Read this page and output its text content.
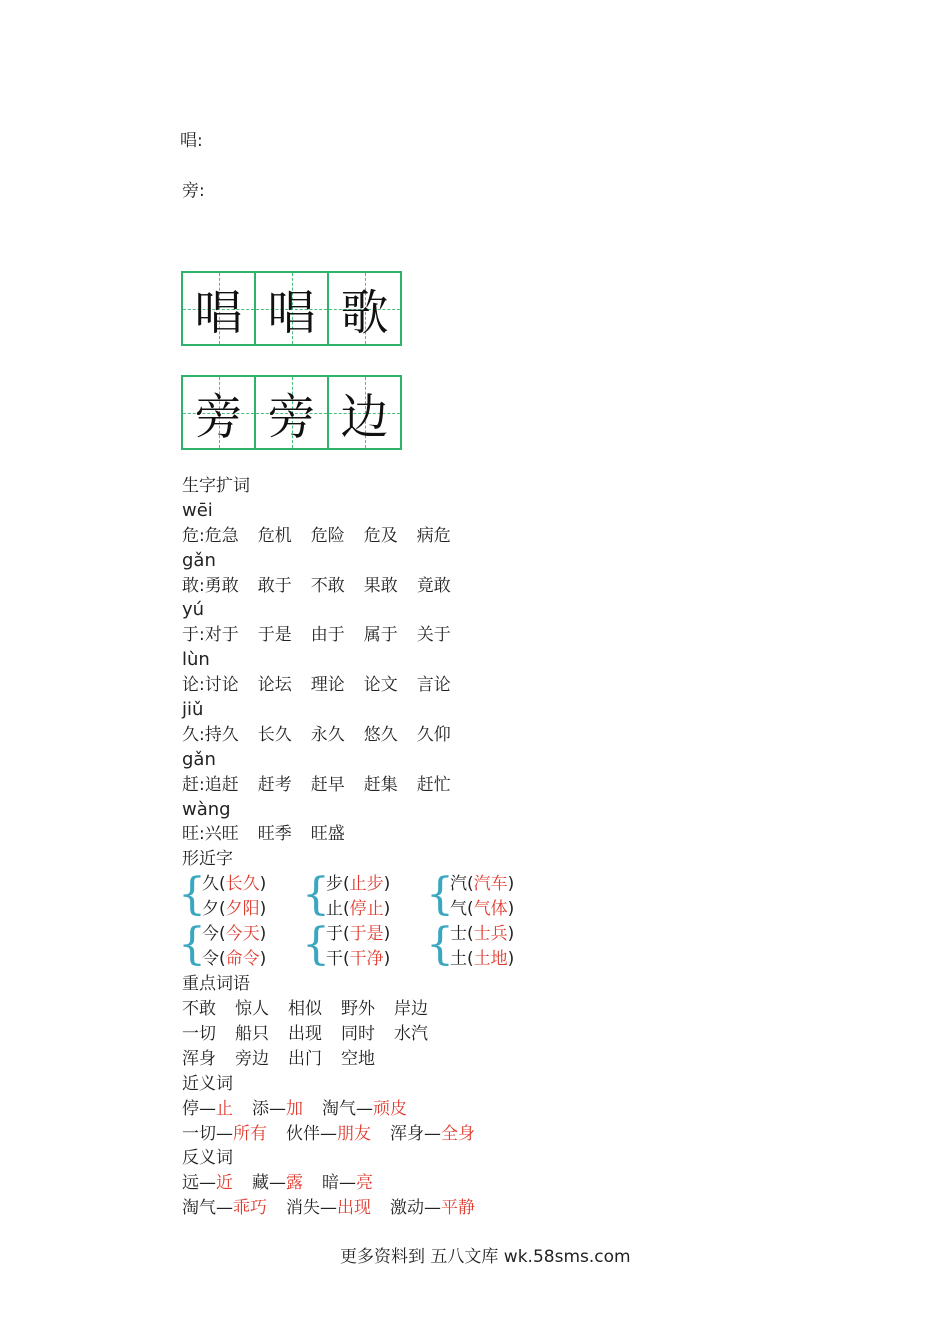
唱:
旁:
唱 唱 歌
旁 旁 边
生字扩词
wēi
危:危急 危机 危险 危及 病危
gǎn
敢:勇敢 敢于 不敢 果敢 竟敢
yú
于:对于 于是 由于 属于 关于
lùn
论:讨论 论坛 理论 论文 言论
jiǔ
久:持久 长久 永久 悠久 久仰
gǎn
赶:追赶 赶考 赶早 赶集 赶忙
wàng
旺:兴旺 旺季 旺盛
形近字
{
久(长久)
夕(夕阳) {
步(止步)
止(停止) {
汽(汽车)
气(气体)
{
今(今天)
令(命令) {
于(于是)
干(干净) {
士(士兵)
土(土地)
重点词语
不敢 惊人 相似 野外 岸边
一切 船只 出现 同时 水汽
浑身 旁边 出门 空地
近义词
停—止 添—加 淘气—顽皮
一切—所有 伙伴—朋友 浑身—全身
反义词
远—近 藏—露 暗—亮
淘气—乖巧 消失—出现 激动—平静
更多资料到 五八文库 wk.58sms.com
